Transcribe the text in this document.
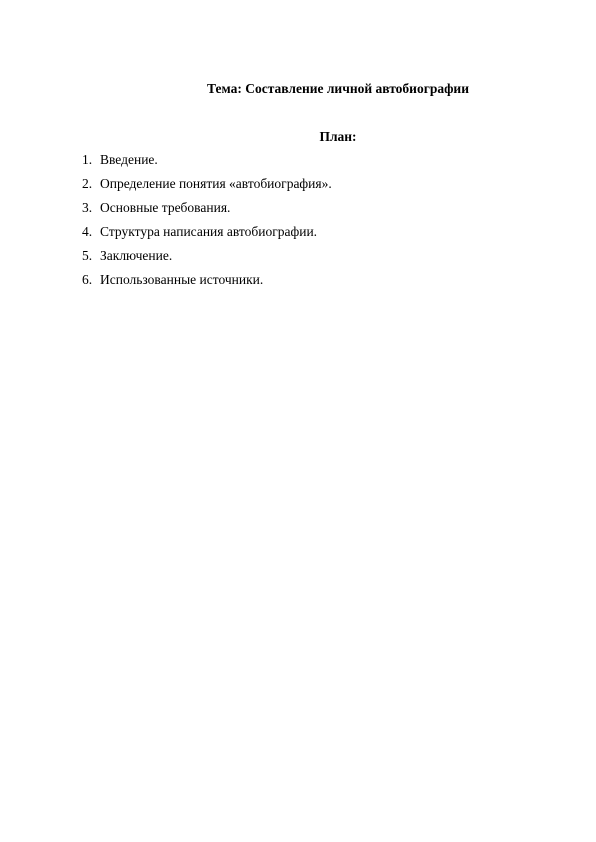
Тема: Составление личной автобиографии
План:
1. Введение.
2. Определение понятия «автобиография».
3. Основные требования.
4. Структура написания автобиографии.
5. Заключение.
6. Использованные источники.
